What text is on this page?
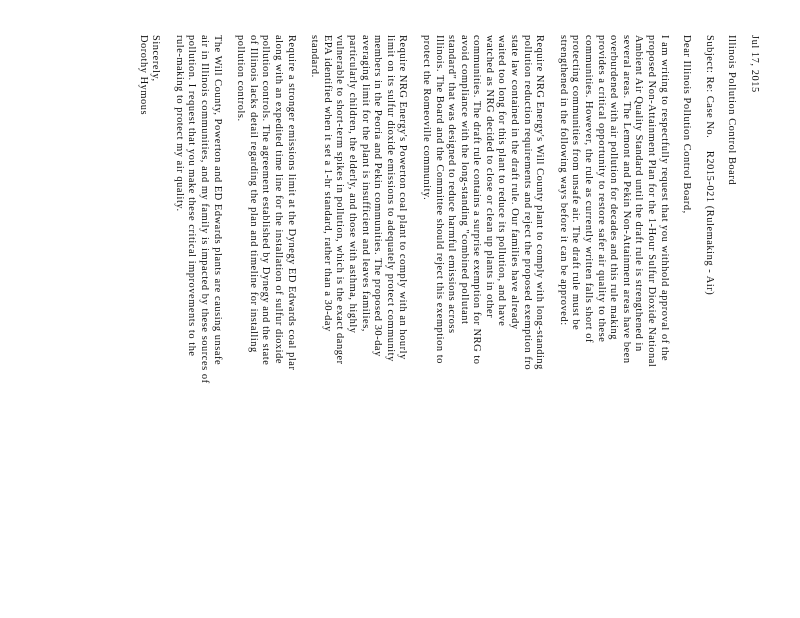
Jul 17, 2015
Illinois Pollution Control Board
Subject: Re: Case No.    R2015-021 (Rulemaking - Air)
Dear Illinois Pollution Control Board,
I am writing to respectfully request that you withhold approval of the
proposed Non-Attainment Plan for the 1-Hour Sulfur Dioxide National
Ambient Air Quality Standard until the draft rule is strengthened in
several areas. The Lemont and Pekin Non-Attainment areas have been
overburdened with air pollution for decades and this rule making
provides a critical opportunity to restore safer air quality to these
communities. However, the rule as currently written falls short of
protecting communities from unsafe air. The draft rule must be
strengthened in the following ways before it can be approved:
Require NRG Energy's Will County plant to comply with long-standing
pollution reduction requirements and reject the proposed exemption fro
state law contained in the draft rule. Our families have already
waited too long for this plant to reduce its pollution, and have
watched as NRG decided to close or clean up plants in other
communities. The draft rule contains a surprise exemption for NRG to
avoid compliance with the long-standing "combined pollutant
standard" that was designed to reduce harmful emissions across
Illinois. The Board and the Committee should reject this exemption to
protect the Romeoville community.
Require NRG Energy's Powerton coal plant to comply with an hourly
limit on its sulfur dioxide emissions to adequately protect community
members in the Peoria and Pekin communities. The proposed 30-day
averaging limit for the plant is insufficient and leaves families,
particularly children, the elderly, and those with asthma, highly
vulnerable to short-term spikes in pollution, which is the exact danger
EPA identified when it set a 1-hr standard, rather than a 30-day
standard.
Require a stronger emissions limit at the Dynegy ED Edwards coal plar
along with an expedited time line for the installation of sulfur dioxide
pollution controls. The agreement established by Dynegy and the state
of Illinois lacks detail regarding the plan and timeline for installing
pollution controls.
The Will County, Powerton and ED Edwards plants are causing unsafe
air in Illinois communities, and my family is impacted by these sources of
pollution. I request that you make these critical improvements to the
rule-making to protect my air quality.
Sincerely,
Dorothy Hymous
